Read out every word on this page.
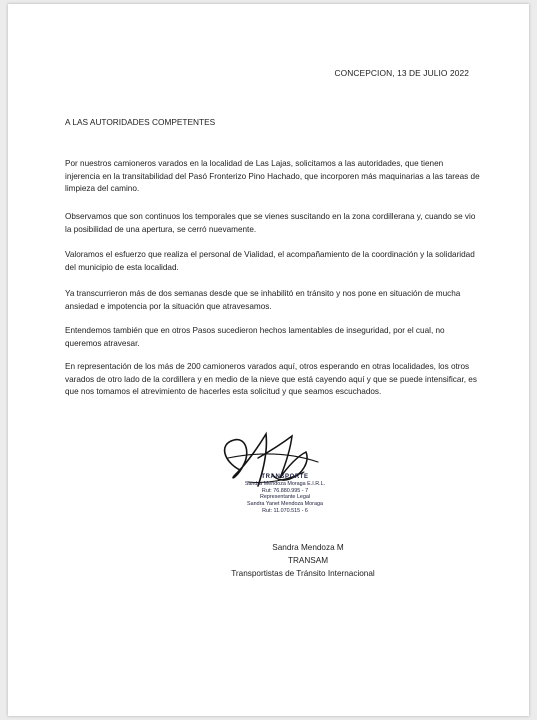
CONCEPCION, 13 DE JULIO 2022
A LAS AUTORIDADES COMPETENTES

Por nuestros camioneros varados en la localidad de Las Lajas, solicitamos a las autoridades, que tienen injerencia en la transitabilidad del Pasó Fronterizo Pino Hachado, que incorporen más maquinarias a las tareas de limpieza del camino.

Observamos que son continuos los temporales que se vienes suscitando en la zona cordillerana y, cuando se vio la posibilidad de una apertura, se cerró nuevamente.

Valoramos el esfuerzo que realiza el personal de Vialidad, el acompañamiento de la coordinación y la solidaridad del municipio de esta localidad.

Ya transcurrieron más de dos semanas desde que se inhabilitó en tránsito y nos pone en situación de mucha ansiedad e impotencia por la situación que atravesamos.

Entendemos también que en otros Pasos sucedieron hechos lamentables de inseguridad, por el cual, no queremos atravesar.

En representación de los más de 200 camioneros varados aquí, otros esperando en otras localidades, los otros varados de otro lado de la cordillera y en medio de la nieve que está cayendo aquí y que se puede intensificar, es que nos tomamos el atrevimiento de hacerles esta solicitud y que seamos escuchados.

TRANSPORTE
Sandra Mendoza Moraga E.I.R.L.
Rut: 76.880.995 - 7
Representante Legal
Sandra Yanet Mendoza Moraga
Rut: 11.070.515 - 6
Sandra Mendoza M
TRANSAM
Transportistas de Tránsito Internacional
